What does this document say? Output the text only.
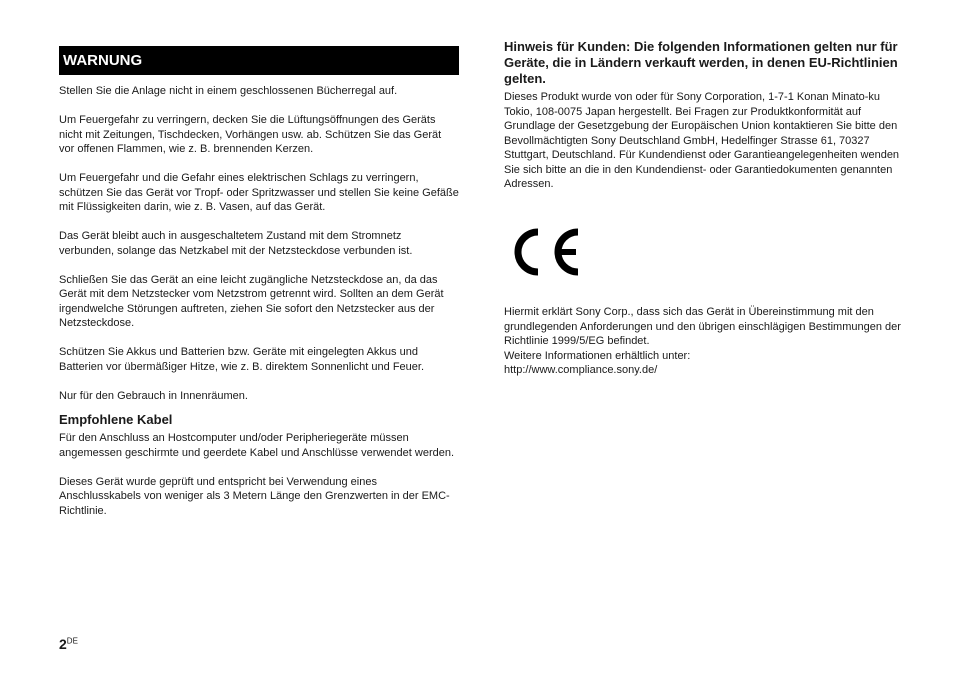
WARNUNG

Stellen Sie die Anlage nicht in einem geschlossenen Bücherregal auf.

Um Feuergefahr zu verringern, decken Sie die Lüftungsöffnungen des Geräts nicht mit Zeitungen, Tischdecken, Vorhängen usw. ab. Schützen Sie das Gerät vor offenen Flammen, wie z. B. brennenden Kerzen.

Um Feuergefahr und die Gefahr eines elektrischen Schlags zu verringern, schützen Sie das Gerät vor Tropf- oder Spritzwasser und stellen Sie keine Gefäße mit Flüssigkeiten darin, wie z. B. Vasen, auf das Gerät.

Das Gerät bleibt auch in ausgeschaltetem Zustand mit dem Stromnetz verbunden, solange das Netzkabel mit der Netzsteckdose verbunden ist.

Schließen Sie das Gerät an eine leicht zugängliche Netzsteckdose an, da das Gerät mit dem Netzstecker vom Netzstrom getrennt wird. Sollten an dem Gerät irgendwelche Störungen auftreten, ziehen Sie sofort den Netzstecker aus der Netzsteckdose.

Schützen Sie Akkus und Batterien bzw. Geräte mit eingelegten Akkus und Batterien vor übermäßiger Hitze, wie z. B. direktem Sonnenlicht und Feuer.

Nur für den Gebrauch in Innenräumen.

Empfohlene Kabel

Für den Anschluss an Hostcomputer und/oder Peripheriegeräte müssen angemessen geschirmte und geerdete Kabel und Anschlüsse verwendet werden.

Dieses Gerät wurde geprüft und entspricht bei Verwendung eines Anschlusskabels von weniger als 3 Metern Länge den Grenzwerten in der EMC-Richtlinie.

Hinweis für Kunden: Die folgenden Informationen gelten nur für Geräte, die in Ländern verkauft werden, in denen EU-Richtlinien gelten.

Dieses Produkt wurde von oder für Sony Corporation, 1-7-1 Konan Minato-ku Tokio, 108-0075 Japan hergestellt. Bei Fragen zur Produktkonformität auf Grundlage der Gesetzgebung der Europäischen Union kontaktieren Sie bitte den Bevollmächtigten Sony Deutschland GmbH, Hedelfinger Strasse 61, 70327 Stuttgart, Deutschland. Für Kundendienst oder Garantieangelegenheiten wenden Sie sich bitte an die in den Kundendienst- oder Garantiedokumenten genannten Adressen.

Hiermit erklärt Sony Corp., dass sich das Gerät in Übereinstimmung mit den grundlegenden Anforderungen und den übrigen einschlägigen Bestimmungen der Richtlinie 1999/5/EG befindet.

Weitere Informationen erhältlich unter:

http://www.compliance.sony.de/

2DE
